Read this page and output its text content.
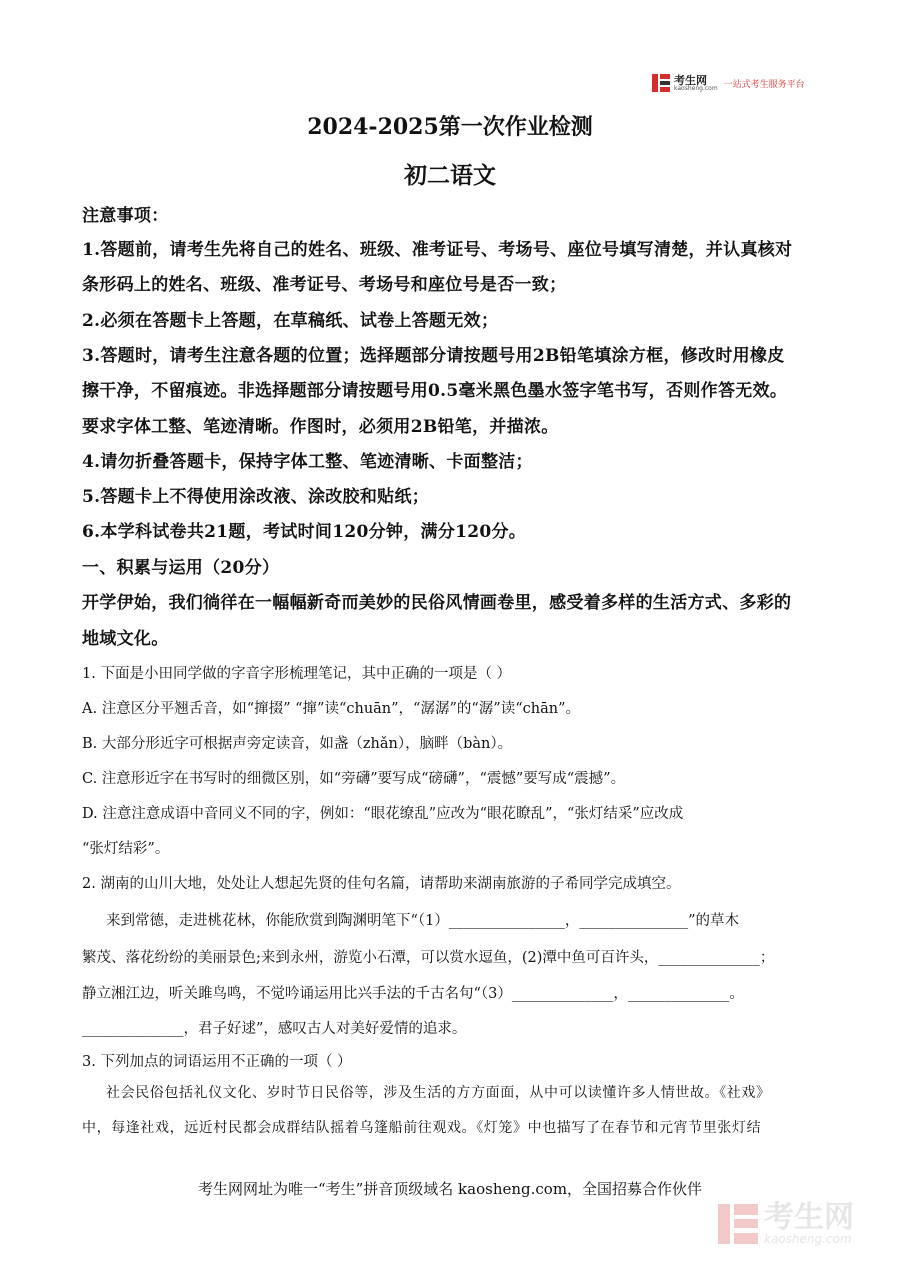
考生网
kaosheng.com 一站式考生服务平台
2024-2025第一次作业检测
初二语文
注意事项：
1.答题前，请考生先将自己的姓名、班级、准考证号、考场号、座位号填写清楚，并认真核对
条形码上的姓名、班级、准考证号、考场号和座位号是否一致；
2.必须在答题卡上答题，在草稿纸、试卷上答题无效；
3.答题时，请考生注意各题的位置；选择题部分请按题号用2B铅笔填涂方框，修改时用橡皮
擦干净，不留痕迹。非选择题部分请按题号用0.5毫米黑色墨水签字笔书写，否则作答无效。
要求字体工整、笔迹清晰。作图时，必须用2B铅笔，并描浓。
4.请勿折叠答题卡，保持字体工整、笔迹清晰、卡面整洁；
5.答题卡上不得使用涂改液、涂改胶和贴纸；
6.本学科试卷共21题，考试时间120分钟，满分120分。
一、积累与运用（20分）
开学伊始，我们徜徉在一幅幅新奇而美妙的民俗风情画卷里，感受着多样的生活方式、多彩的
地域文化。
1. 下面是小田同学做的字音字形梳理笔记，其中正确的一项是（ ）
A. 注意区分平翘舌音，如“撺掇” “撺”读“chuān”，“潺潺”的“潺”读“chān”。
B. 大部分形近字可根据声旁定读音，如盏（zhǎn），脑畔（bàn）。
C. 注意形近字在书写时的细微区别，如“旁礴”要写成“磅礴”，“震憾”要写成“震撼”。
D. 注意注意成语中音同义不同的字，例如：“眼花缭乱”应改为“眼花瞭乱”，“张灯结采”应改成
“张灯结彩”。
2. 湖南的山川大地，处处让人想起先贤的佳句名篇，请帮助来湖南旅游的子希同学完成填空。
来到常德，走进桃花林，你能欣赏到陶渊明笔下“（1）________________，_______________”的草木
繁茂、落花纷纷的美丽景色;来到永州，游览小石潭，可以赏水逗鱼，(2)潭中鱼可百许头，______________；
静立湘江边，听关雎鸟鸣，不觉吟诵运用比兴手法的千古名句“（3）______________，______________。
______________，君子好逑”，感叹古人对美好爱情的追求。
3. 下列加点的词语运用不正确的一项（ ）
社会民俗包括礼仪文化、岁时节日民俗等，涉及生活的方方面面，从中可以读懂许多人情世故。《社戏》
中，每逢社戏，远近村民都会成群结队摇着乌篷船前往观戏。《灯笼》中也描写了在春节和元宵节里张灯结
考生网网址为唯一“考生”拼音顶级域名 kaosheng.com，全国招募合作伙伴
考生网
kaosheng.com
